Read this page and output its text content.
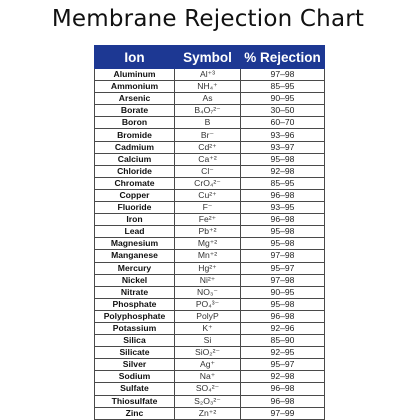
Membrane Rejection Chart
Ion	Symbol	% Rejection
Aluminum	Al⁺³	97–98
Ammonium	NH₄⁺	85–95
Arsenic	As	90–95
Borate	B₄O₇²⁻	30–50
Boron	B	60–70
Bromide	Br⁻	93–96
Cadmium	Cd²⁺	93–97
Calcium	Ca⁺²	95–98
Chloride	Cl⁻	92–98
Chromate	CrO₄²⁻	85–95
Copper	Cu²⁺	96–98
Fluoride	F⁻	93–95
Iron	Fe²⁺	96–98
Lead	Pb⁺²	95–98
Magnesium	Mg⁺²	95–98
Manganese	Mn⁺²	97–98
Mercury	Hg²⁺	95–97
Nickel	Ni²⁺	97–98
Nitrate	NO₃⁻	90–95
Phosphate	PO₄³⁻	95–98
Polyphosphate	PolyP	96–98
Potassium	K⁺	92–96
Silica	Si	85–90
Silicate	SiO₂²⁻	92–95
Silver	Ag⁺	95–97
Sodium	Na⁺	92–98
Sulfate	SO₄²⁻	96–98
Thiosulfate	S₂O₃²⁻	96–98
Zinc	Zn⁺²	97–99
